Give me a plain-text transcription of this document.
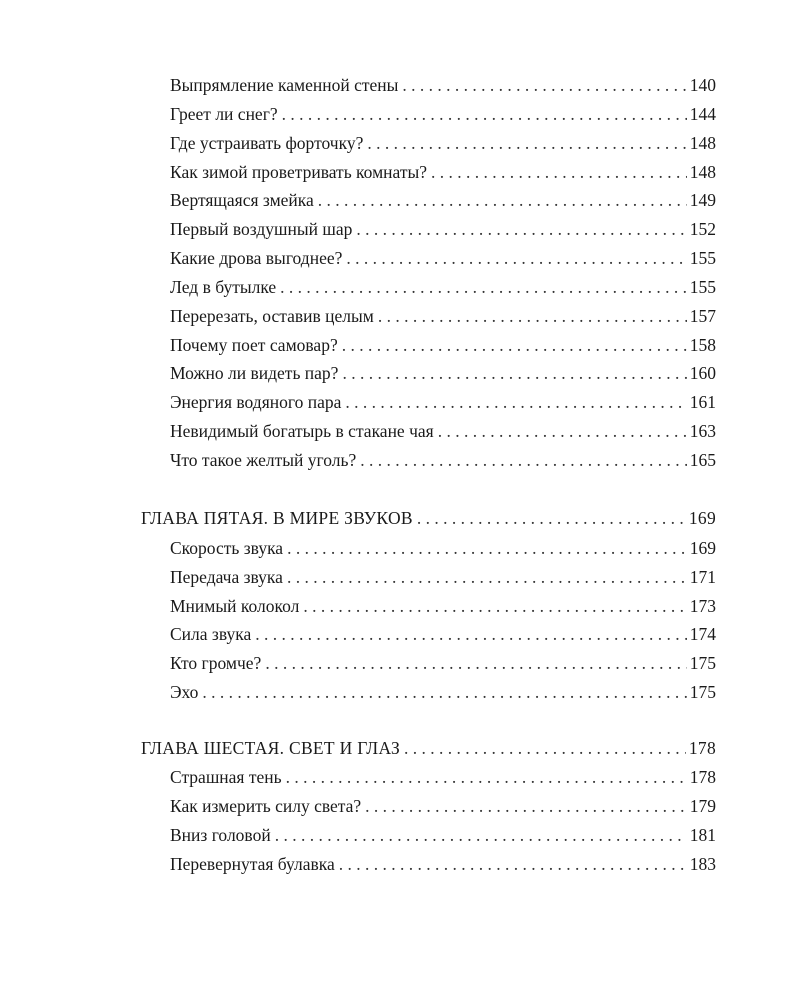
Выпрямление каменной стены . . .	140
Греет ли снег? . . .	144
Где устраивать форточку? . . .	148
Как зимой проветривать комнаты? . . .	148
Вертящаяся змейка . . .	149
Первый воздушный шар . . .	152
Какие дрова выгоднее? . . .	155
Лед в бутылке . . .	155
Перерезать, оставив целым . . .	157
Почему поет самовар? . . .	158
Можно ли видеть пар? . . .	160
Энергия водяного пара . . .	161
Невидимый богатырь в стакане чая . . .	163
Что такое желтый уголь? . . .	165
ГЛАВА ПЯТАЯ. В МИРЕ ЗВУКОВ . . .	169
Скорость звука . . .	169
Передача звука . . .	171
Мнимый колокол . . .	173
Сила звука . . .	174
Кто громче? . . .	175
Эхо . . .	175
ГЛАВА ШЕСТАЯ. СВЕТ И ГЛАЗ . . .	178
Страшная тень . . .	178
Как измерить силу света? . . .	179
Вниз головой . . .	181
Перевернутая булавка . . .	183
